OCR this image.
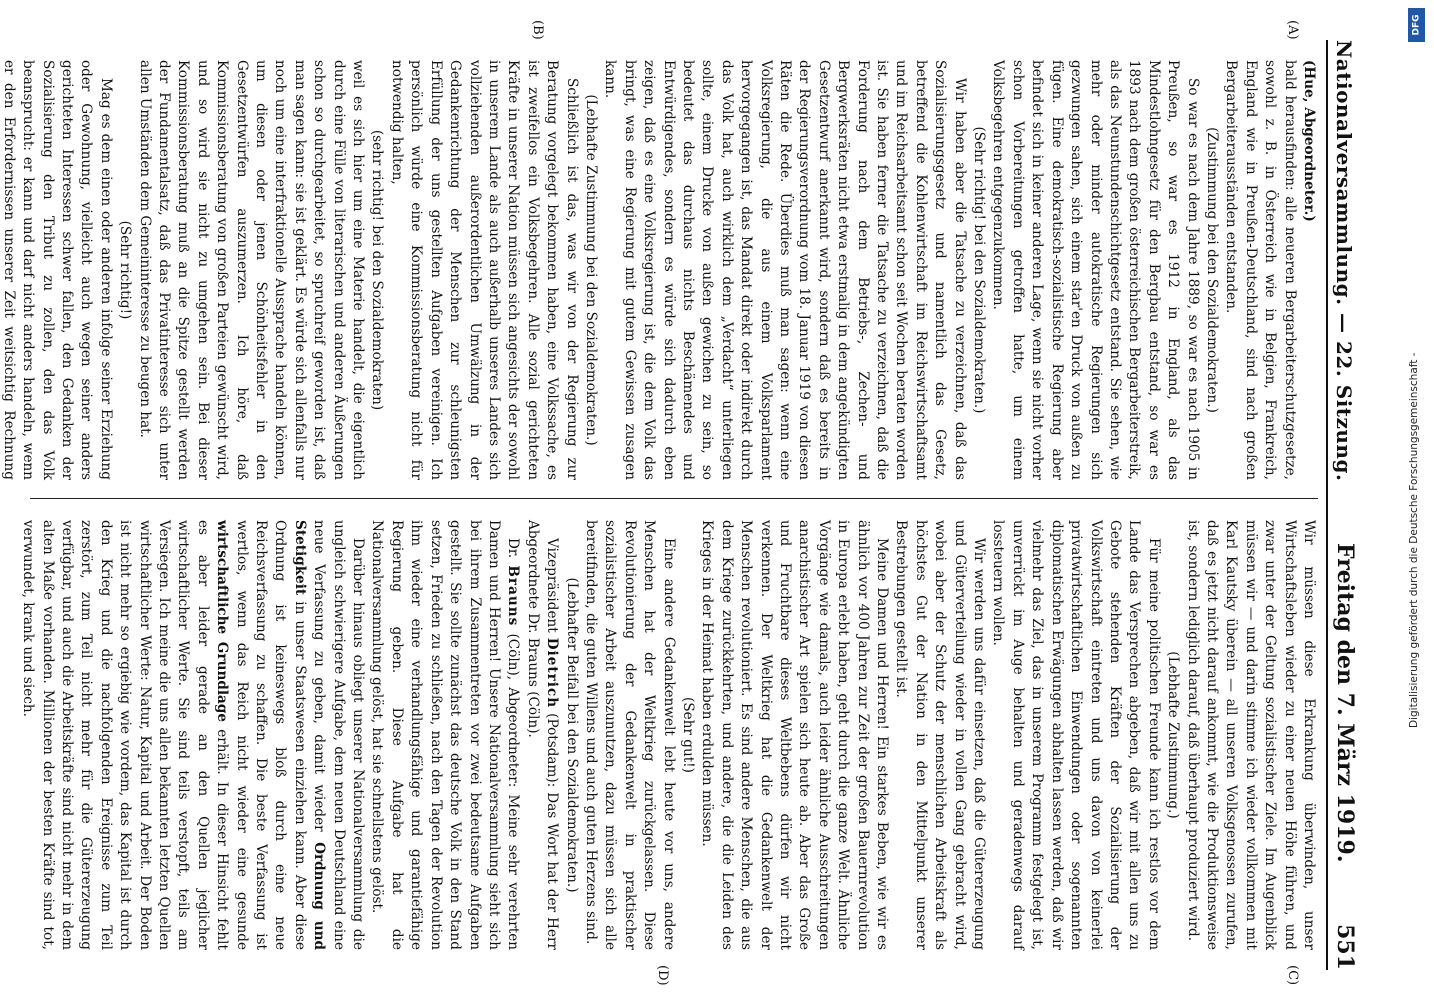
Nationalversammlung. — 22. Sitzung.
Freitag den 7. März 1919.
551
(A)
(B)
(C)
(D)

(Hue, Abgeordneter.)

bald herausfinden: alle neueren Bergarbeiterschutzgesetze, sowohl z. B. in Österreich wie in Belgien, Frankreich, England wie in Preußen-Deutschland, sind nach großen Bergarbeiterausständen entstanden.

(Zustimmung bei den Sozialdemokraten.)

So war es nach dem Jahre 1889, so war es nach 1905 in Preußen, so war es 1912 in England, als das Mindestlohngesetz für den Bergbau entstand, so war es 1893 nach dem großen österreichischen Bergarbeiterstreik, als das Neunstundenschichtgesetz entstand. Sie sehen, wie mehr oder minder autokratische Regierungen sich gezwungen sahen, sich einem star'en Druck von außen zu fügen. Eine demokratisch-sozialistische Regierung aber befindet sich in keiner anderen Lage, wenn sie nicht vorher schon Vorbereitungen getroffen hatte, um einem Volksbegehren entgegenzukommen.

(Sehr richtig! bei den Sozialdemokraten.)

Wir haben aber die Tatsache zu verzeichnen, daß das Sozialisierungsgesetz und namentlich das Gesetz, betreffend die Kohlenwirtschaft im Reichswirtschaftsamt und im Reichsarbeitsamt schon seit Wochen beraten worden ist. Sie haben ferner die Tatsache zu verzeichnen, daß die Forderung nach dem Betriebs-, Zechen- und Bergwerksräten nicht etwa erstmalig in dem angekündigten Gesetzentwurf anerkannt wird, sondern daß es bereits in der Regierungsverordnung vom 18. Januar 1919 von diesen Räten die Rede. Überdies muß man sagen: wenn eine Volksregierung, die aus einem Volksparlament hervorgegangen ist, das Mandat direkt oder indirekt durch das Volk hat, auch wirklich dem „Verdacht“ unterliegen sollte, einem Drucke von außen gewichen zu sein, so bedeutet das durchaus nichts Beschämendes und Entwürdigendes, sondern es würde sich dadurch eben zeigen, daß es eine Volksregierung ist, die dem Volk das bringt, was eine Regierung mit gutem Gewissen zusagen kann.

(Lebhafte Zustimmung bei den Sozialdemokraten.)

Schließlich ist das, was wir von der Regierung zur Beratung vorgelegt bekommen haben, eine Volkssache, es ist zweifellos ein Volksbegehren. Alle sozial gerichteten Kräfte in unserer Nation müssen sich angesichts der sowohl in unserem Lande als auch außerhalb unseres Landes sich vollziehenden außerordentlichen Umwälzung in der Gedankenrichtung der Menschen zur schleunigsten Erfüllung der uns gestellten Aufgaben vereinigen. Ich persönlich würde eine Kommissionsberatung nicht für notwendig halten,

(sehr richtig! bei den Sozialdemokraten)

weil es sich hier um eine Materie handelt, die eigentlich durch eine Fülle von literarischen und anderen Äußerungen schon so durchgearbeitet, so spruchreif geworden ist, daß man sagen kann: sie ist geklärt. Es würde sich allenfalls nur noch um eine interfraktionelle Aussprache handeln können, um diesen oder jenen Schönheitsfehler in den Gesetzentwürfen auszumerzen. Ich höre, daß Kommissionsberatung von großen Parteien gewünscht wird, und so wird sie nicht zu umgehen sein. Bei dieser Kommissionsberatung muß an die Spitze gestellt werden der Fundamentalsatz, daß das Privatinteresse sich unter allen Umständen dem Gemeininteresse zu beugen hat.

(Sehr richtig!)

Mag es dem einen oder anderen infolge seiner Erziehung oder Gewohnung, vielleicht auch wegen seiner anders gerichteten Interessen schwer fallen, den Gedanken der Sozialisierung den Tribut zu zollen, den das Volk beansprucht: er kann und darf nicht anders handeln, wenn er den Erfordernissen unserer Zeit weitsichtig Rechnung

Wir müssen diese Erkrankung überwinden, unser Wirtschaftsleben wieder zu einer neuen Höhe führen, und zwar unter der Geltung sozialistischer Ziele. Im Augenblick müssen wir — und darin stimme ich wieder vollkommen mit Karl Kautsky überein — all unseren Volksgenossen zurufen, daß es jetzt nicht darauf ankommt, wie die Produktionsweise ist, sondern lediglich darauf, daß überhaupt produziert wird.

(Lebhafte Zustimmung.)

Für meine politischen Freunde kann ich restlos vor dem Lande das Versprechen abgeben, daß wir mit allen uns zu Gebote stehenden Kräften der Sozialisierung der Volkswirtschaft eintreten und uns davon von keinerlei privatwirtschaftlichen Einwendungen oder sogenannten diplomatischen Erwägungen abhalten lassen werden, daß wir vielmehr das Ziel, das in unserem Programm festgelegt ist, unverrückt im Auge behalten und geradenwegs darauf lossteuern wollen.

Wir werden uns dafür einsetzen, daß die Gütererzeugung und Güterverteilung wieder in vollen Gang gebracht wird, wobei aber der Schutz der menschlichen Arbeitskraft als höchstes Gut der Nation in den Mittelpunkt unserer Bestrebungen gestellt ist.

Meine Damen und Herren! Ein starkes Beben, wie wir es ähnlich vor 400 Jahren zur Zeit der großen Bauernrevolution in Europa erlebt haben, geht durch die ganze Welt. Ähnliche Vorgänge wie damals, auch leider ähnliche Ausschreitungen anarchistischer Art spielen sich heute ab. Aber das Große und Fruchtbare dieses Weltbebens dürfen wir nicht verkennen. Der Weltkrieg hat die Gedankenwelt der Menschen revolutioniert. Es sind andere Menschen, die aus dem Kriege zurückkehrten, und andere, die die Leiden des Krieges in der Heimat haben erdulden müssen.

(Sehr gut!)

Eine andere Gedankenwelt lebt heute vor uns, andere Menschen hat der Weltkrieg zurückgelassen. Diese Revolutionierung der Gedankenwelt in praktischer sozialistischer Arbeit auszunutzen, dazu müssen sich alle bereitfinden, die guten Willens und auch guten Herzens sind.

(Lebhafter Beifall bei den Sozialdemokraten.)

Vizepräsident Dietrich (Potsdam): Das Wort hat der Herr Abgeordnete Dr. Brauns (Cöln).

Dr. Brauns (Cöln), Abgeordneter: Meine sehr verehrten Damen und Herren! Unsere Nationalversammlung sieht sich bei ihrem Zusammentreten vor zwei bedeutsame Aufgaben gestellt. Sie sollte zunächst das deutsche Volk in den Stand setzen, Frieden zu schließen, nach den Tagen der Revolution ihm wieder eine verhandlungsfähige und garantiefähige Regierung geben. Diese Aufgabe hat die Nationalversammlung gelöst, hat sie schnellstens gelöst.

Darüber hinaus obliegt unserer Nationalversammlung die ungleich schwierigere Aufgabe, dem neuen Deutschland eine neue Verfassung zu geben, damit wieder Ordnung und Stetigkeit in unser Staatswesen einziehen kann. Aber diese Ordnung ist keineswegs bloß durch eine neue Reichsverfassung zu schaffen. Die beste Verfassung ist wertlos, wenn das Reich nicht wieder eine gesunde wirtschaftliche Grundlage erhält. In dieser Hinsicht fehlt es aber leider gerade an den Quellen jeglicher wirtschaftlicher Werte. Sie sind teils verstopft, teils am Versiegen. Ich meine die uns allen bekannten letzten Quellen wirtschaftlicher Werte: Natur, Kapital und Arbeit. Der Boden ist nicht mehr so ergiebig wie vordem, das Kapital ist durch den Krieg und die nachfolgenden Ereignisse zum Teil zerstört, zum Teil nicht mehr für die Gütererzeugung verfügbar, und auch die Arbeitskräfte sind nicht mehr in dem alten Maße vorhanden. Millionen der besten Kräfte sind tot, verwundet, krank und siech.	Digitalisierung gefördert durch die Deutsche Forschungsgemeinschaft -
DFG
